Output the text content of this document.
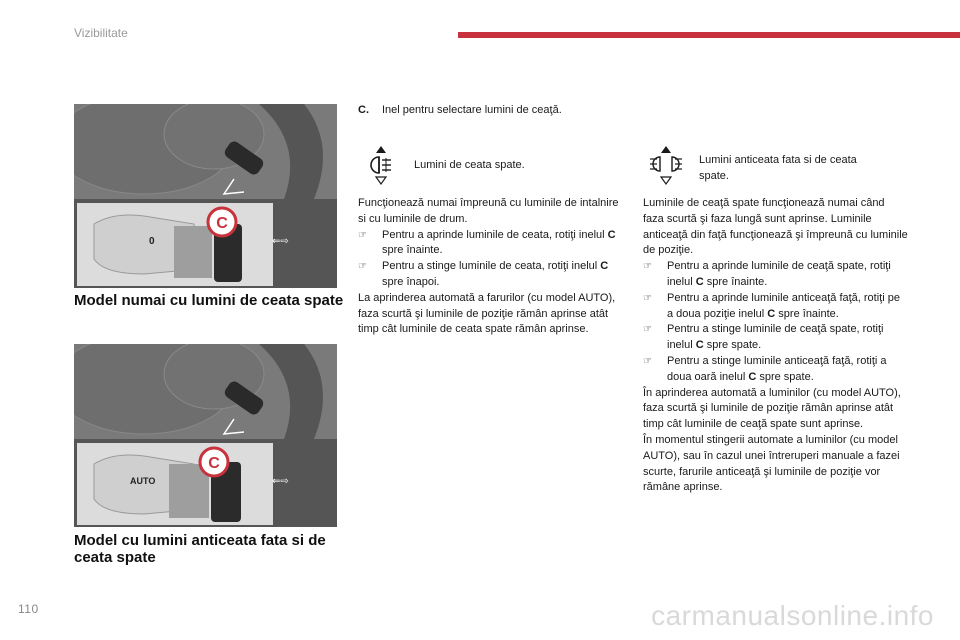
Vizibilitate
C
0	⇐⇨
Model numai cu lumini de ceata spate
C
AUTO	⇐⇨
Model cu lumini anticeata fata si de ceata spate
C. Inel pentru selectare lumini de ceaţă.
Lumini de ceata spate.	Lumini anticeata fata si de ceata spate.

Funcţionează numai împreună cu luminile de intalnire si cu luminile de drum.

☞	Pentru a aprinde luminile de ceata, rotiţi inelul C spre înainte.
☞	Pentru a stinge luminile de ceata, rotiţi inelul C spre înapoi.

La aprinderea automată a farurilor (cu model AUTO), faza scurtă şi luminile de poziţie rămân aprinse atât timp cât luminile de ceata spate rămân aprinse.

Luminile de ceaţă spate funcţionează numai când faza scurtă şi faza lungă sunt aprinse. Luminile anticeaţă din faţă funcţionează şi împreună cu luminile de poziţie.

☞	Pentru a aprinde luminile de ceaţă spate, rotiţi inelul C spre înainte.
☞	Pentru a aprinde luminile anticeaţă faţă, rotiţi pe a doua poziţie inelul C spre înainte.
☞	Pentru a stinge luminile de ceaţă spate, rotiţi inelul C spre spate.
☞	Pentru a stinge luminile anticeaţă faţă, rotiţi a doua oară inelul C spre spate.

În aprinderea automată a luminilor (cu model AUTO), faza scurtă şi luminile de poziţie rămân aprinse atât timp cât luminile de ceaţă spate sunt aprinse.

În momentul stingerii automate a luminilor (cu model AUTO), sau în cazul unei întreruperi manuale a fazei scurte, farurile anticeaţă şi luminile de poziţie vor rămâne aprinse.

110	carmanualsonline.info
